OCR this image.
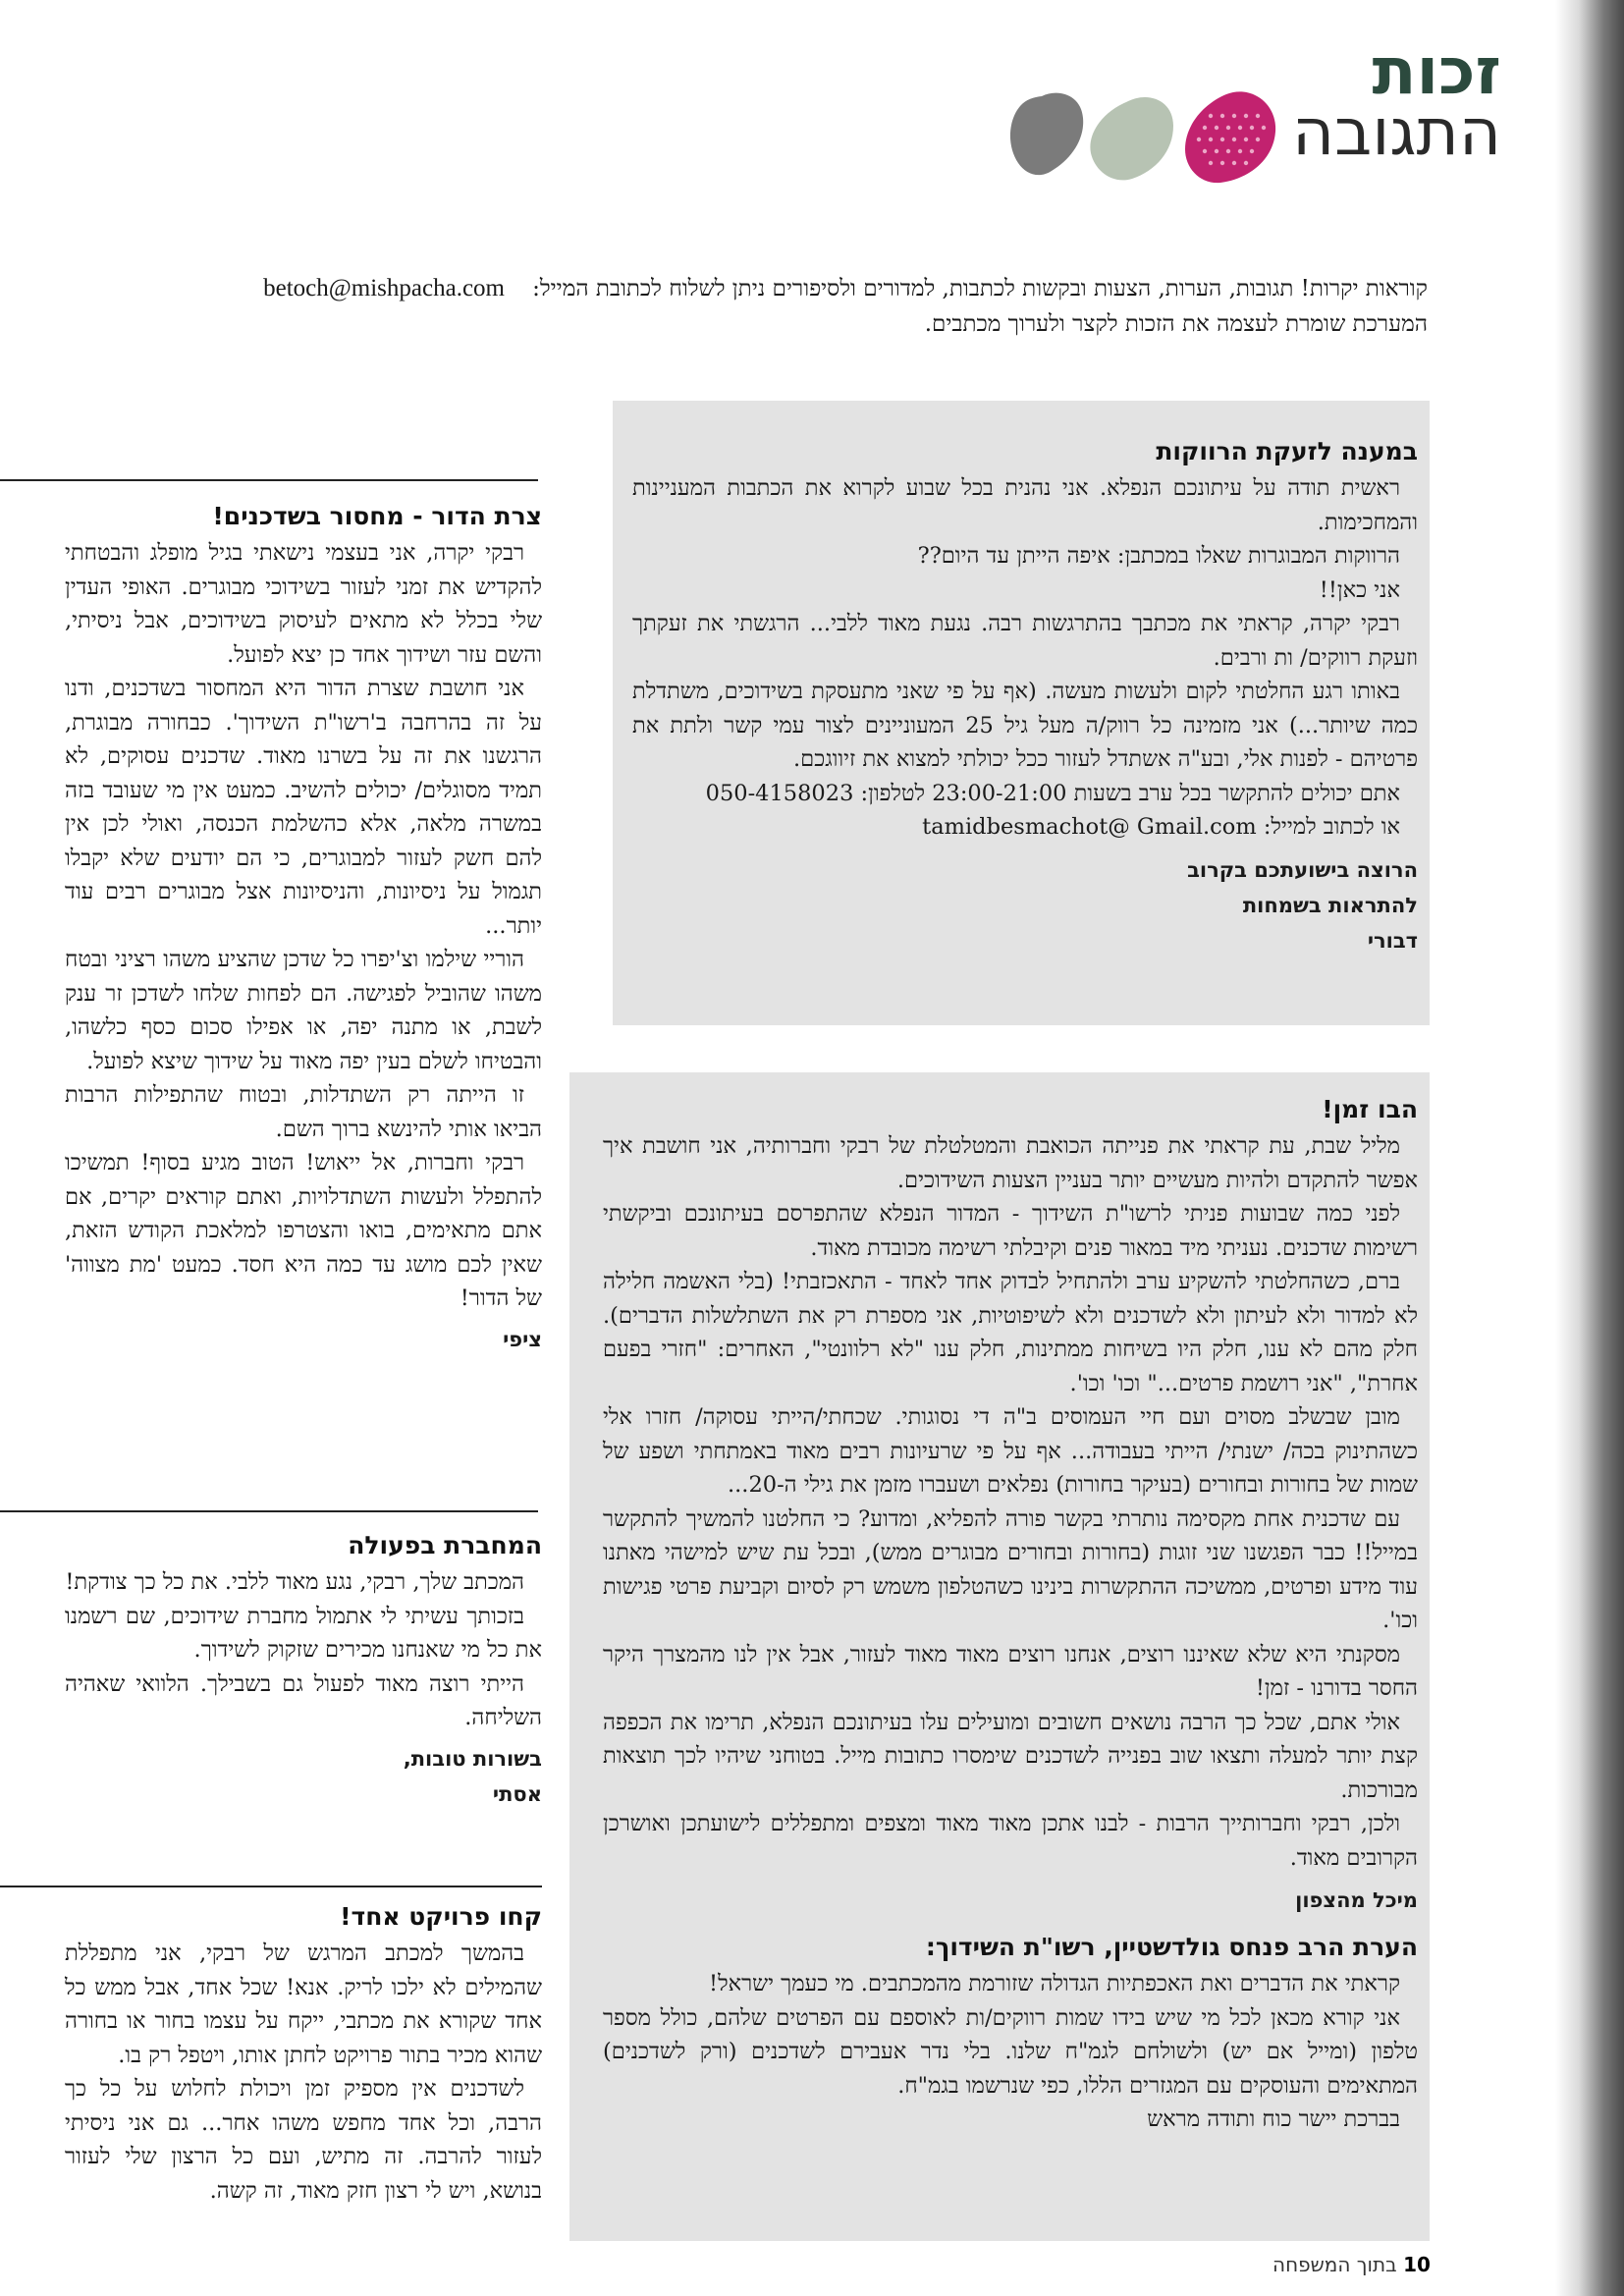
זכות
התגובה
קוראות יקרות! תגובות, הערות, הצעות ובקשות לכתבות, למדורים ולסיפורים ניתן לשלוח לכתובת המייל:
betoch@mishpacha.com
המערכת שומרת לעצמה את הזכות לקצר ולערוך מכתבים.
במענה לזעקת הרווקות

ראשית תודה על עיתונכם הנפלא. אני נהנית בכל שבוע לקרוא את הכתבות המעניינות והמחכימות.

הרווקות המבוגרות שאלו במכתבן: איפה הייתן עד היום??

אני כאן!!

רבקי יקרה, קראתי את מכתבך בהתרגשות רבה. נגעת מאוד ללבי... הרגשתי את זעקתך וזעקת רווקים/ ות ורבים.

באותו רגע החלטתי לקום ולעשות מעשה. (אף על פי שאני מתעסקת בשידוכים, משתדלת כמה שיותר...) אני מזמינה כל רווק/ה מעל גיל 25 המעוניינים לצור עמי קשר ולתת את פרטיהם - לפנות אלי, ובע"ה אשתדל לעזור ככל יכולתי למצוא את זיווגכם.

אתם יכולים להתקשר בכל ערב בשעות 23:00-21:00 לטלפון: 050-4158023

או לכתוב למייל: tamidbesmachot@ Gmail.com

הרוצה בישועתכם בקרוב
להתראות בשמחות
דבורי
הבו זמן!

מליל שבת, עת קראתי את פנייתה הכואבת והמטלטלת של רבקי וחברותיה, אני חושבת איך אפשר להתקדם ולהיות מעשיים יותר בעניין הצעות השידוכים.

לפני כמה שבועות פניתי לרשו"ת השידוך - המדור הנפלא שהתפרסם בעיתונכם וביקשתי רשימות שדכנים. נעניתי מיד במאור פנים וקיבלתי רשימה מכובדת מאוד.

ברם, כשהחלטתי להשקיע ערב ולהתחיל לבדוק אחד לאחד - התאכזבתי! (בלי האשמה חלילה לא למדור ולא לעיתון ולא לשדכנים ולא לשיפוטיות, אני מספרת רק את השתלשלות הדברים). חלק מהם לא ענו, חלק היו בשיחות ממתינות, חלק ענו "לא רלוונטי", האחרים: "חזרי בפעם אחרת", "אני רושמת פרטים..." וכו' וכו'.

מובן שבשלב מסוים ועם חיי העמוסים ב"ה די נסוגותי. שכחתי/הייתי עסוקה/ חזרו אלי כשהתינוק בכה/ ישנתי/ הייתי בעבודה... אף על פי שרעיונות רבים מאוד באמתחתי ושפע של שמות של בחורות ובחורים (בעיקר בחורות) נפלאים ושעברו מזמן את גילי ה-20...

עם שדכנית אחת מקסימה נותרתי בקשר פורה להפליא, ומדוע? כי החלטנו להמשיך להתקשר במייל!! כבר הפגשנו שני זוגות (בחורות ובחורים מבוגרים ממש), ובכל עת שיש למישהי מאתנו עוד מידע ופרטים, ממשיכה ההתקשרות בינינו כשהטלפון משמש רק לסיום וקביעת פרטי פגישות וכו'.

מסקנתי היא שלא שאיננו רוצים, אנחנו רוצים מאוד מאוד לעזור, אבל אין לנו מהמצרך היקר החסר בדורנו - זמן!

אולי אתם, שכל כך הרבה נושאים חשובים ומועילים עלו בעיתונכם הנפלא, תרימו את הכפפה קצת יותר למעלה ותצאו שוב בפנייה לשדכנים שימסרו כתובות מייל. בטוחני שיהיו לכך תוצאות מבורכות.

ולכן, רבקי וחברותייך הרבות - לבנו אתכן מאוד מאוד ומצפים ומתפללים לישועתכן ואושרכן הקרובים מאוד.

מיכל מהצפון
הערת הרב פנחס גולדשטיין, רשו"ת השידוך:

קראתי את הדברים ואת האכפתיות הגדולה שזורמת מהמכתבים. מי כעמך ישראל!

אני קורא מכאן לכל מי שיש בידו שמות רווקים/ות לאוספם עם הפרטים שלהם, כולל מספר טלפון (ומייל אם יש) ולשולחם לגמ"ח שלנו. בלי נדר אעבירם לשדכנים (ורק לשדכנים) המתאימים והעוסקים עם המגזרים הללו, כפי שנרשמו בגמ"ח.

בברכת יישר כוח ותודה מראש

צרת הדור - מחסור בשדכנים!

רבקי יקרה, אני בעצמי נישאתי בגיל מופלג והבטחתי להקדיש את זמני לעזור בשידוכי מבוגרים. האופי העדין שלי בכלל לא מתאים לעיסוק בשידוכים, אבל ניסיתי, והשם עזר ושידוך אחד כן יצא לפועל.

אני חושבת שצרת הדור היא המחסור בשדכנים, ודנו על זה בהרחבה ב'רשו"ת השידוך'. כבחורה מבוגרת, הרגשנו את זה על בשרנו מאוד. שדכנים עסוקים, לא תמיד מסוגלים/ יכולים להשיב. כמעט אין מי שעובד בזה במשרה מלאה, אלא כהשלמת הכנסה, ואולי לכן אין להם חשק לעזור למבוגרים, כי הם יודעים שלא יקבלו תגמול על ניסיונות, והניסיונות אצל מבוגרים רבים עוד יותר...

הוריי שילמו וצ'יפרו כל שדכן שהציע משהו רציני ובטח משהו שהוביל לפגישה. הם לפחות שלחו לשדכן זר ענק לשבת, או מתנה יפה, או אפילו סכום כסף כלשהו, והבטיחו לשלם בעין יפה מאוד על שידוך שיצא לפועל.

זו הייתה רק השתדלות, ובטוח שהתפילות הרבות הביאו אותי להינשא ברוך השם.

רבקי וחברות, אל ייאוש! הטוב מגיע בסוף! תמשיכו להתפלל ולעשות השתדלויות, ואתם קוראים יקרים, אם אתם מתאימים, בואו והצטרפו למלאכת הקודש הזאת, שאין לכם מושג עד כמה היא חסד. כמעט 'מת מצווה' של הדור!

ציפי
המחברת בפעולה

המכתב שלך, רבקי, נגע מאוד ללבי. את כל כך צודקת!

בזכותך עשיתי לי אתמול מחברת שידוכים, שם רשמנו את כל מי שאנחנו מכירים שזקוק לשידוך.

הייתי רוצה מאוד לפעול גם בשבילך. הלוואי שאהיה השליחה.

בשורות טובות,
אסתי
קחו פרויקט אחד!

בהמשך למכתב המרגש של רבקי, אני מתפללת שהמילים לא ילכו לריק. אנא! שכל אחד, אבל ממש כל אחד שקורא את מכתבי, ייקח על עצמו בחור או בחורה שהוא מכיר בתור פרויקט לחתן אותו, ויטפל רק בו.

לשדכנים אין מספיק זמן ויכולת לחלוש על כל כך הרבה, וכל אחד מחפש משהו אחר... גם אני ניסיתי לעזור להרבה. זה מתיש, ועם כל הרצון שלי לעזור בנושא, ויש לי רצון חזק מאוד, זה קשה.

10 בתוך המשפחה
